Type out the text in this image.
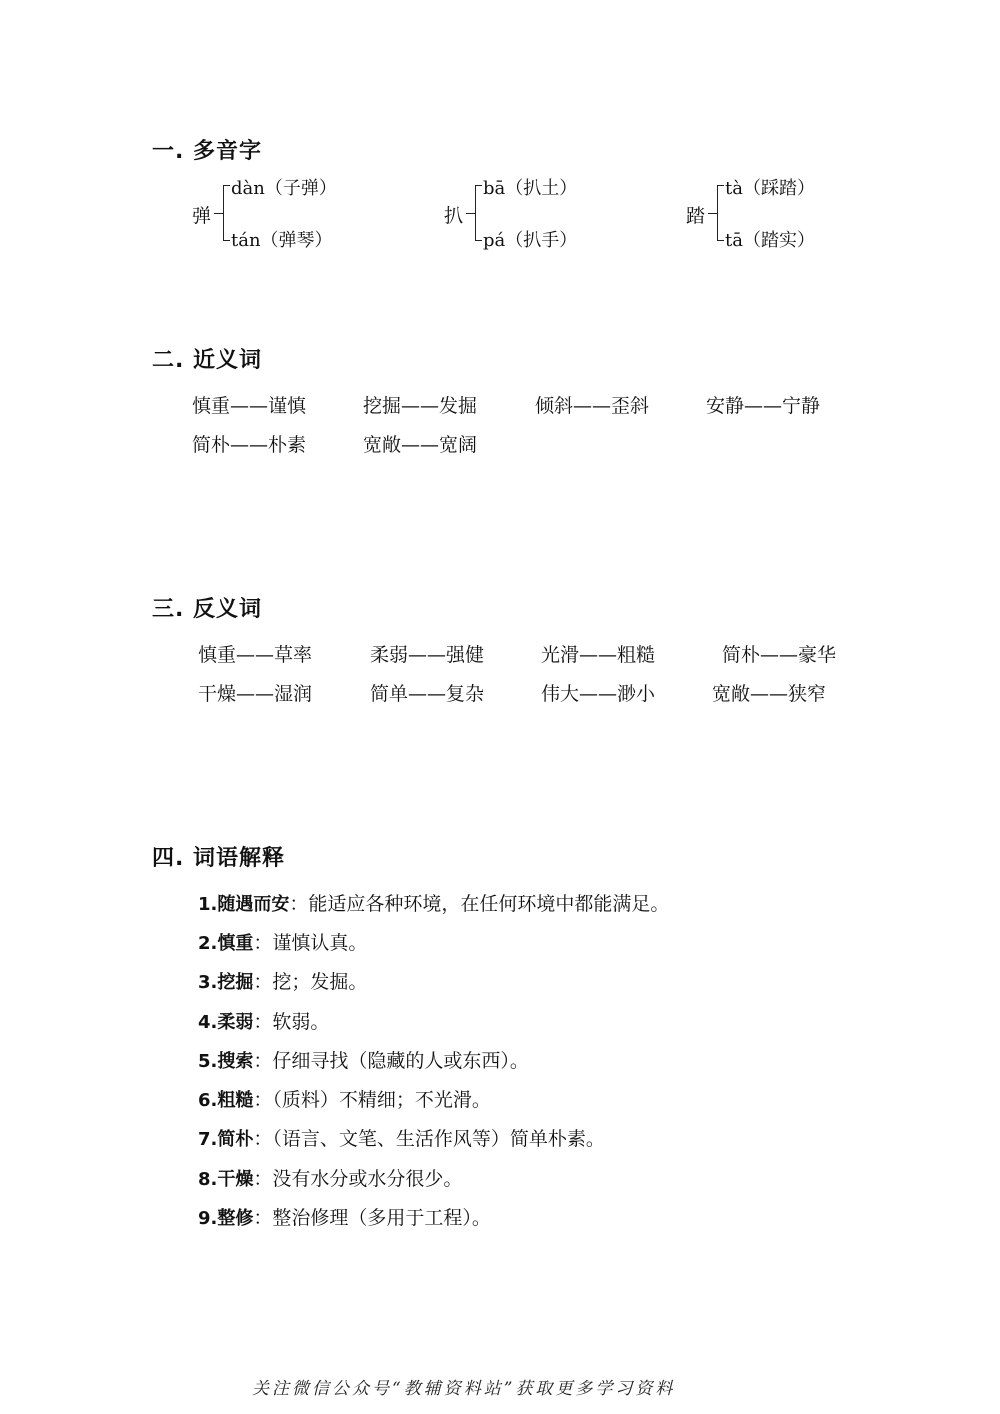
一. 多音字
弹
dàn（子弹）
tán（弹琴）
扒
bā（扒土）
pá（扒手）
踏
tà（踩踏）
tā（踏实）
二. 近义词
慎重——谨慎	挖掘——发掘	倾斜——歪斜	安静——宁静
简朴——朴素	宽敞——宽阔
三. 反义词
慎重——草率	柔弱——强健	光滑——粗糙	简朴——豪华
干燥——湿润	简单——复杂	伟大——渺小	宽敞——狭窄
四. 词语解释
1.随遇而安：能适应各种环境，在任何环境中都能满足。
2.慎重：谨慎认真。
3.挖掘：挖；发掘。
4.柔弱：软弱。
5.搜索：仔细寻找（隐藏的人或东西）。
6.粗糙：（质料）不精细；不光滑。
7.简朴：（语言、文笔、生活作风等）简单朴素。
8.干燥：没有水分或水分很少。
9.整修：整治修理（多用于工程）。
关注微信公众号“教辅资料站”获取更多学习资料
